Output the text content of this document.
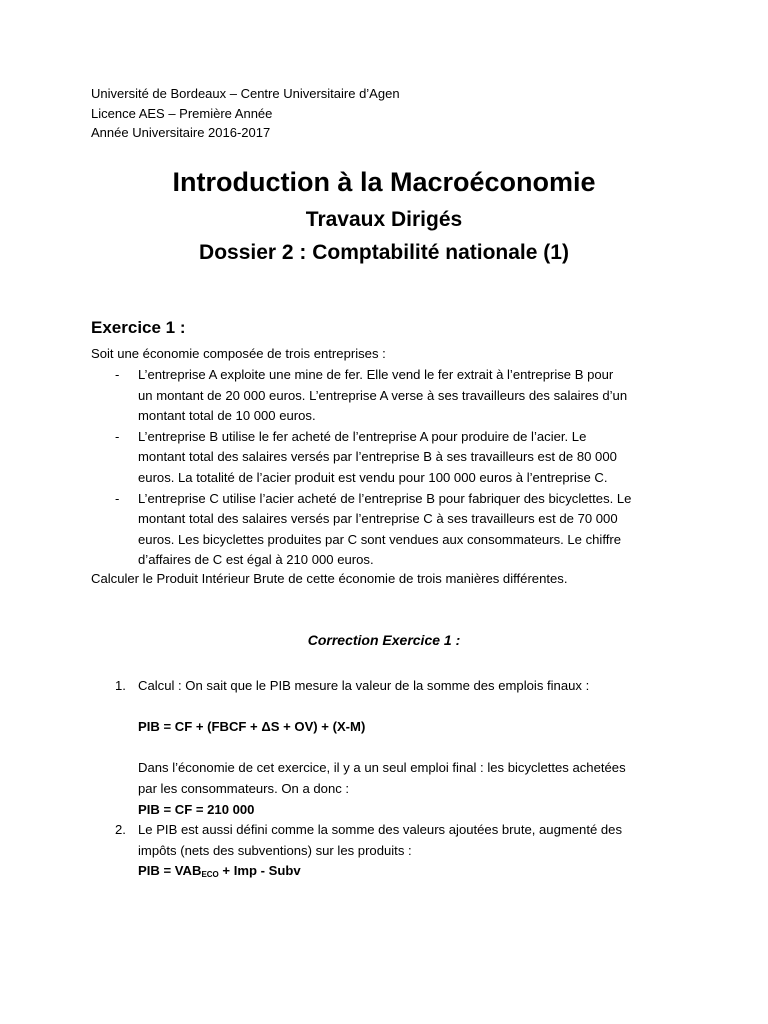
Université de Bordeaux – Centre Universitaire d’Agen
Licence AES – Première Année
Année Universitaire 2016-2017
Introduction à la Macroéconomie
Travaux Dirigés
Dossier 2 : Comptabilité nationale (1)
Exercice 1 :
Soit une économie composée de trois entreprises :
- L’entreprise A exploite une mine de fer. Elle vend le fer extrait à l’entreprise B pour
un montant de 20 000 euros. L’entreprise A verse à ses travailleurs des salaires d’un
montant total de 10 000 euros.
- L’entreprise B utilise le fer acheté de l’entreprise A pour produire de l’acier. Le
montant total des salaires versés par l’entreprise B à ses travailleurs est de 80 000
euros. La totalité de l’acier produit est vendu pour 100 000 euros à l’entreprise C.
- L’entreprise C utilise l’acier acheté de l’entreprise B pour fabriquer des bicyclettes. Le
montant total des salaires versés par l’entreprise C à ses travailleurs est de 70 000
euros. Les bicyclettes produites par C sont vendues aux consommateurs. Le chiffre
d’affaires de C est égal à 210 000 euros.
Calculer le Produit Intérieur Brute de cette économie de trois manières différentes.
Correction Exercice 1 :
1. Calcul : On sait que le PIB mesure la valeur de la somme des emplois finaux :
PIB = CF + (FBCF + ΔS + OV) + (X-M)
Dans l’économie de cet exercice, il y a un seul emploi final : les bicyclettes achetées
par les consommateurs. On a donc :
PIB = CF = 210 000
2. Le PIB est aussi défini comme la somme des valeurs ajoutées brute, augmenté des
impôts (nets des subventions) sur les produits :
PIB = $VAB_{ECO}$ + Imp - Subv
